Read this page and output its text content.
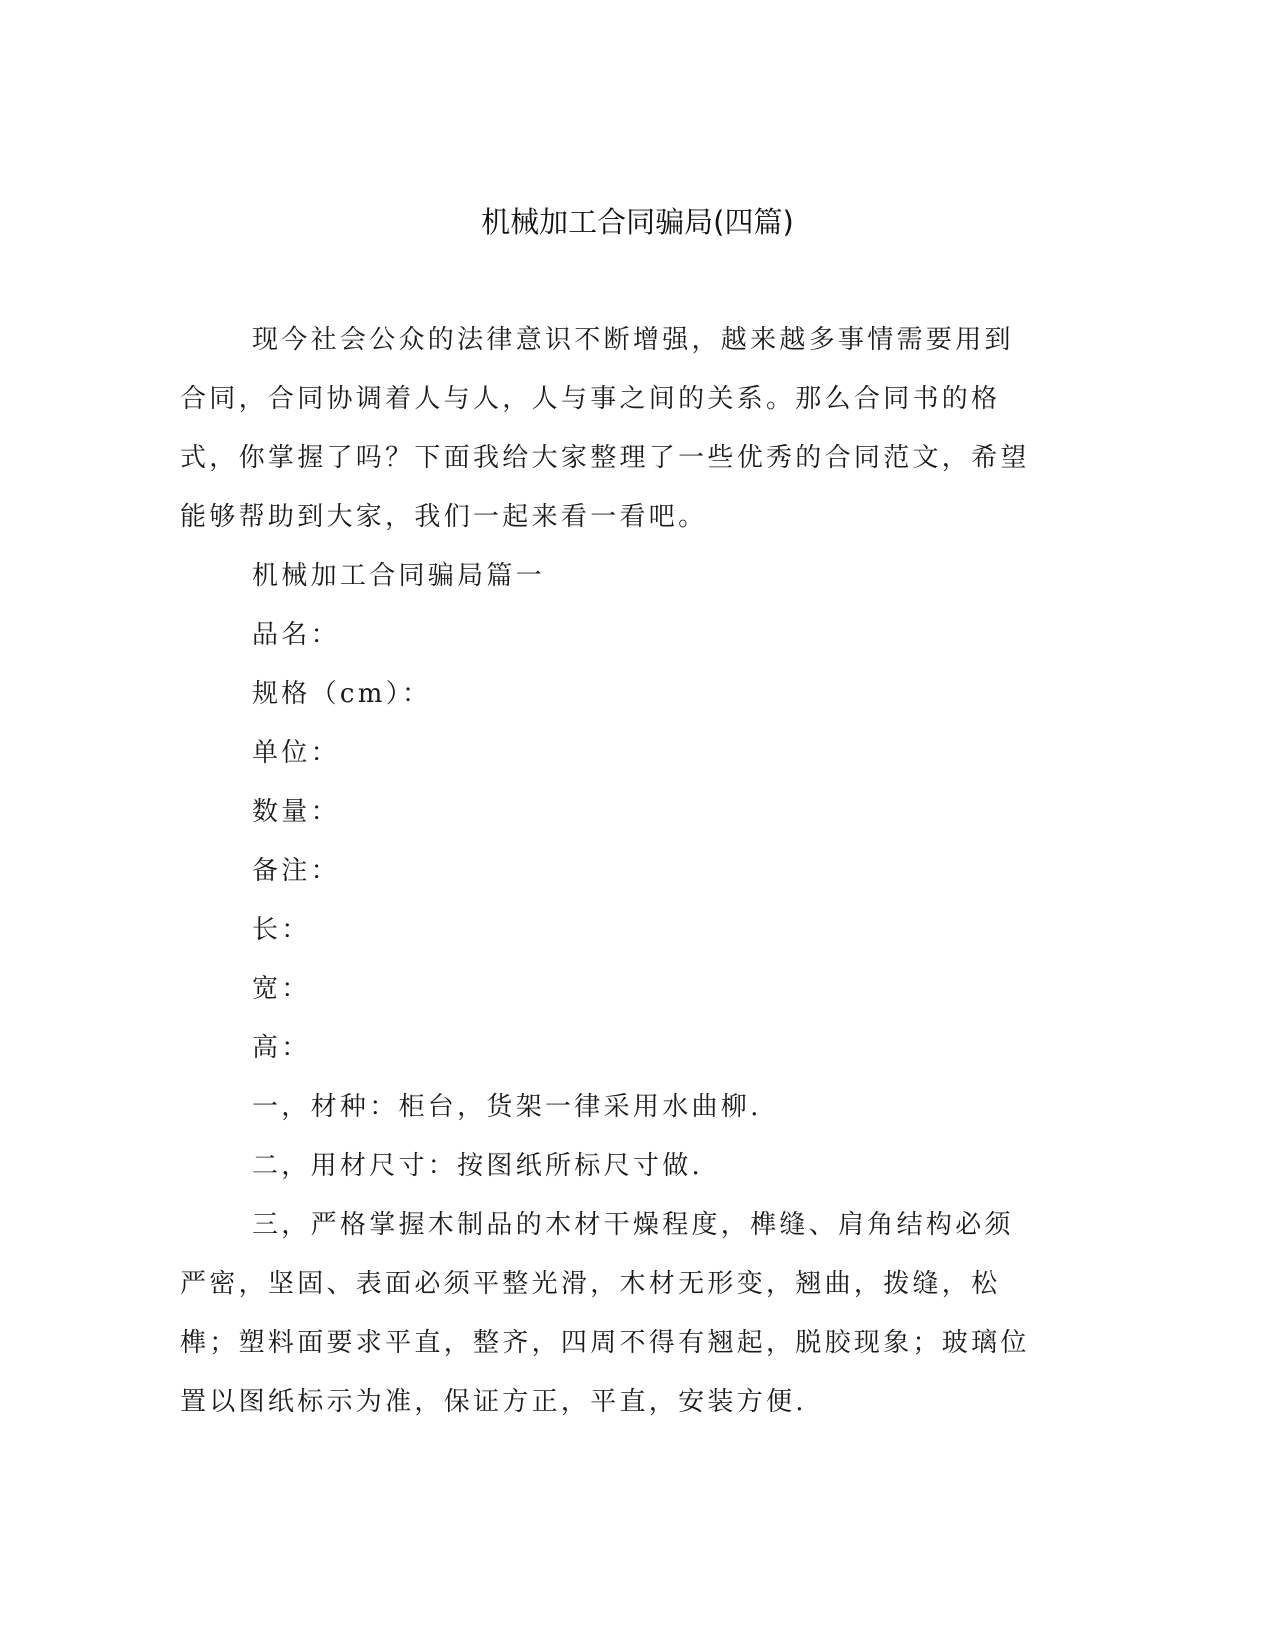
机械加工合同骗局(四篇)

现今社会公众的法律意识不断增强，越来越多事情需要用到合同，合同协调着人与人，人与事之间的关系。那么合同书的格式，你掌握了吗？下面我给大家整理了一些优秀的合同范文，希望能够帮助到大家，我们一起来看一看吧。

机械加工合同骗局篇一

品名：

规格（cm）：

单位：

数量：

备注：

长：

宽：

高：

一，材种：柜台，货架一律采用水曲柳.

二，用材尺寸：按图纸所标尺寸做.

三，严格掌握木制品的木材干燥程度，榫缝、肩角结构必须严密，坚固、表面必须平整光滑，木材无形变，翘曲，拨缝，松榫；塑料面要求平直，整齐，四周不得有翘起，脱胶现象；玻璃位置以图纸标示为准，保证方正，平直，安装方便.
